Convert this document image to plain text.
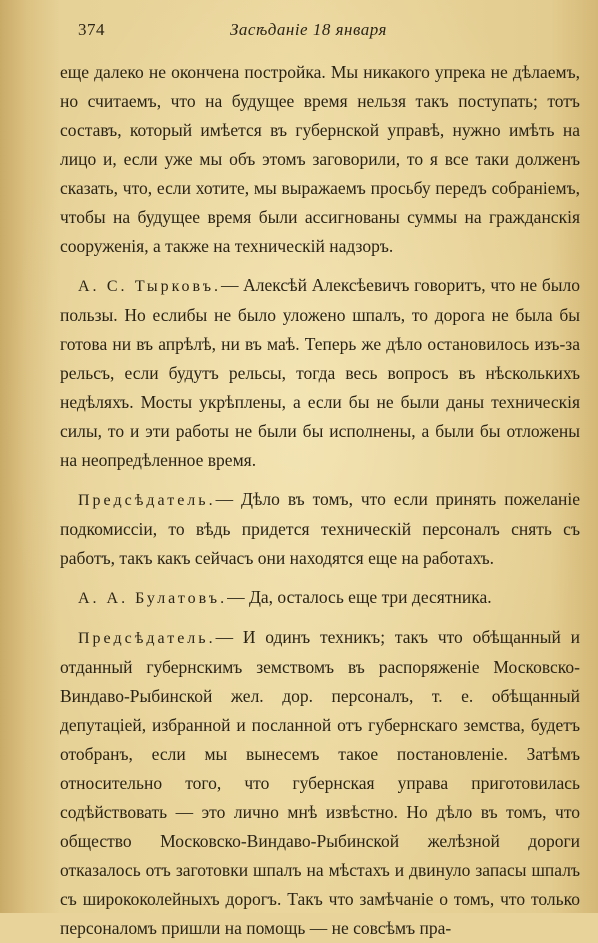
374	Засѣданіе 18 января

еще далеко не окончена постройка. Мы никакого упрека не дѣлаемъ, но считаемъ, что на будущее время нельзя такъ поступать; тотъ составъ, который имѣется въ губернской управѣ, нужно имѣть на лицо и, если уже мы объ этомъ заговорили, то я все таки долженъ сказать, что, если хотите, мы выражаемъ просьбу передъ собраніемъ, чтобы на будущее время были ассигнованы суммы на гражданскія сооруженія, а также на техническій надзоръ.

А. С. Тырковъ.— Алексѣй Алексѣевичъ говоритъ, что не было пользы. Но еслибы не было уложено шпалъ, то дорога не была бы готова ни въ апрѣлѣ, ни въ маѣ. Теперь же дѣло остановилось изъ-за рельсъ, если будутъ рельсы, тогда весь вопросъ въ нѣсколькихъ недѣляхъ. Мосты укрѣплены, а если бы не были даны техническія силы, то и эти работы не были бы исполнены, а были бы отложены на неопредѣленное время.

Предсѣдатель.— Дѣло въ томъ, что если принять пожеланіе подкомиссіи, то вѣдь придется техническій персоналъ снять съ работъ, такъ какъ сейчасъ они находятся еще на работахъ.

А. А. Булатовъ.— Да, осталось еще три десятника.

Предсѣдатель.— И одинъ техникъ; такъ что обѣщанный и отданный губернскимъ земствомъ въ распоряженіе Московско-Виндаво-Рыбинской жел. дор. персоналъ, т. е. обѣщанный депутаціей, избранной и посланной отъ губернскаго земства, будетъ отобранъ, если мы вынесемъ такое постановленіе. Затѣмъ относительно того, что губернская управа приготовилась содѣйствовать — это лично мнѣ извѣстно. Но дѣло въ томъ, что общество Московско-Виндаво-Рыбинской желѣзной дороги отказалось отъ заготовки шпалъ на мѣстахъ и двинуло запасы шпалъ съ ширококолейныхъ дорогъ. Такъ что замѣчаніе о томъ, что только персоналомъ пришли на помощь — не совсѣмъ пра-
